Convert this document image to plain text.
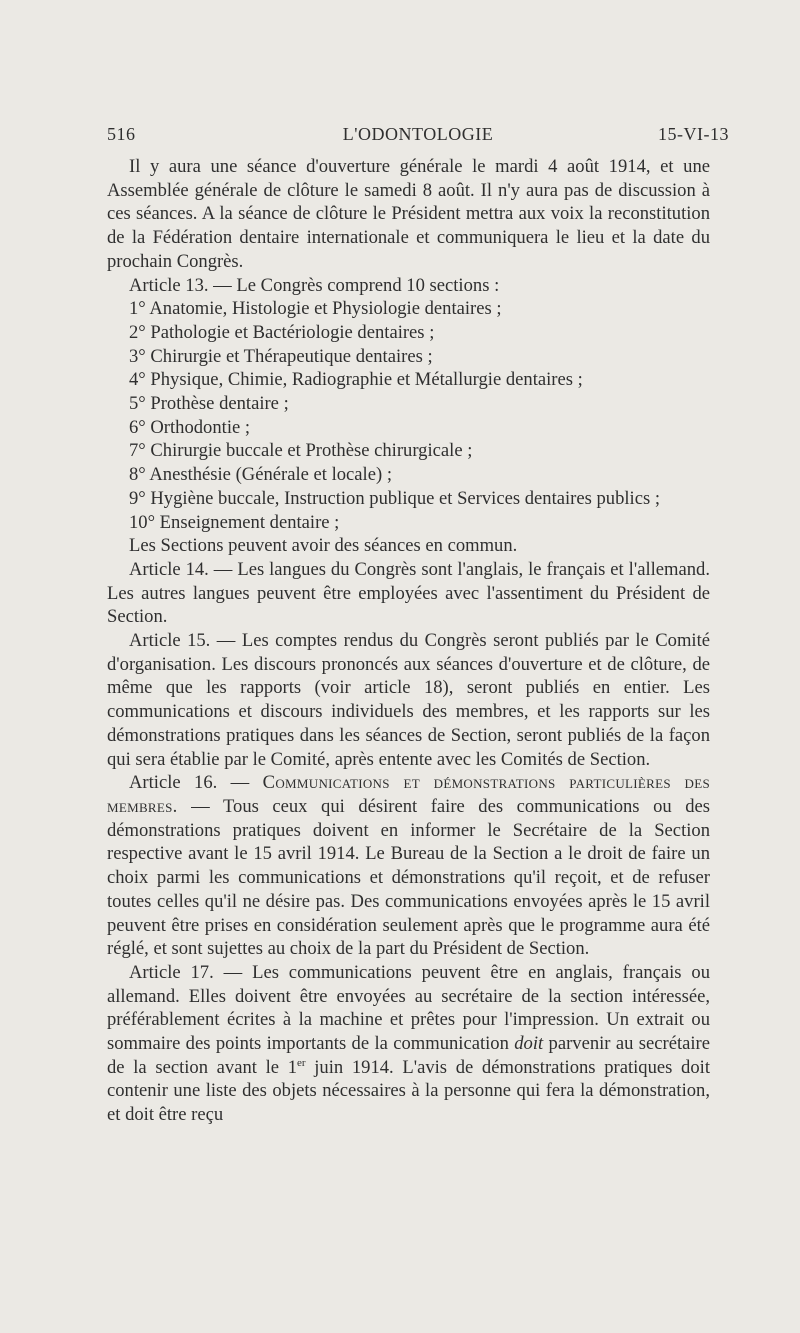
516	L'ODONTOLOGIE	15-VI-13

Il y aura une séance d'ouverture générale le mardi 4 août 1914, et une Assemblée générale de clôture le samedi 8 août. Il n'y aura pas de discussion à ces séances. A la séance de clôture le Président mettra aux voix la reconstitution de la Fédération dentaire internationale et communiquera le lieu et la date du prochain Congrès.

Article 13. — Le Congrès comprend 10 sections :

1° Anatomie, Histologie et Physiologie dentaires ;

2° Pathologie et Bactériologie dentaires ;

3° Chirurgie et Thérapeutique dentaires ;

4° Physique, Chimie, Radiographie et Métallurgie dentaires ;

5° Prothèse dentaire ;

6° Orthodontie ;

7° Chirurgie buccale et Prothèse chirurgicale ;

8° Anesthésie (Générale et locale) ;

9° Hygiène buccale, Instruction publique et Services dentaires publics ;

10° Enseignement dentaire ;

Les Sections peuvent avoir des séances en commun.

Article 14. — Les langues du Congrès sont l'anglais, le français et l'allemand. Les autres langues peuvent être employées avec l'assentiment du Président de Section.

Article 15. — Les comptes rendus du Congrès seront publiés par le Comité d'organisation. Les discours prononcés aux séances d'ouverture et de clôture, de même que les rapports (voir article 18), seront publiés en entier. Les communications et discours individuels des membres, et les rapports sur les démonstrations pratiques dans les séances de Section, seront publiés de la façon qui sera établie par le Comité, après entente avec les Comités de Section.

Article 16. — Communications et démonstrations particulières des membres. — Tous ceux qui désirent faire des communications ou des démonstrations pratiques doivent en informer le Secrétaire de la Section respective avant le 15 avril 1914. Le Bureau de la Section a le droit de faire un choix parmi les communications et démonstrations qu'il reçoit, et de refuser toutes celles qu'il ne désire pas. Des communications envoyées après le 15 avril peuvent être prises en considération seulement après que le programme aura été réglé, et sont sujettes au choix de la part du Président de Section.

Article 17. — Les communications peuvent être en anglais, français ou allemand. Elles doivent être envoyées au secrétaire de la section intéressée, préférablement écrites à la machine et prêtes pour l'impression. Un extrait ou sommaire des points importants de la communication doit parvenir au secrétaire de la section avant le 1er juin 1914. L'avis de démonstrations pratiques doit contenir une liste des objets nécessaires à la personne qui fera la démonstration, et doit être reçu
